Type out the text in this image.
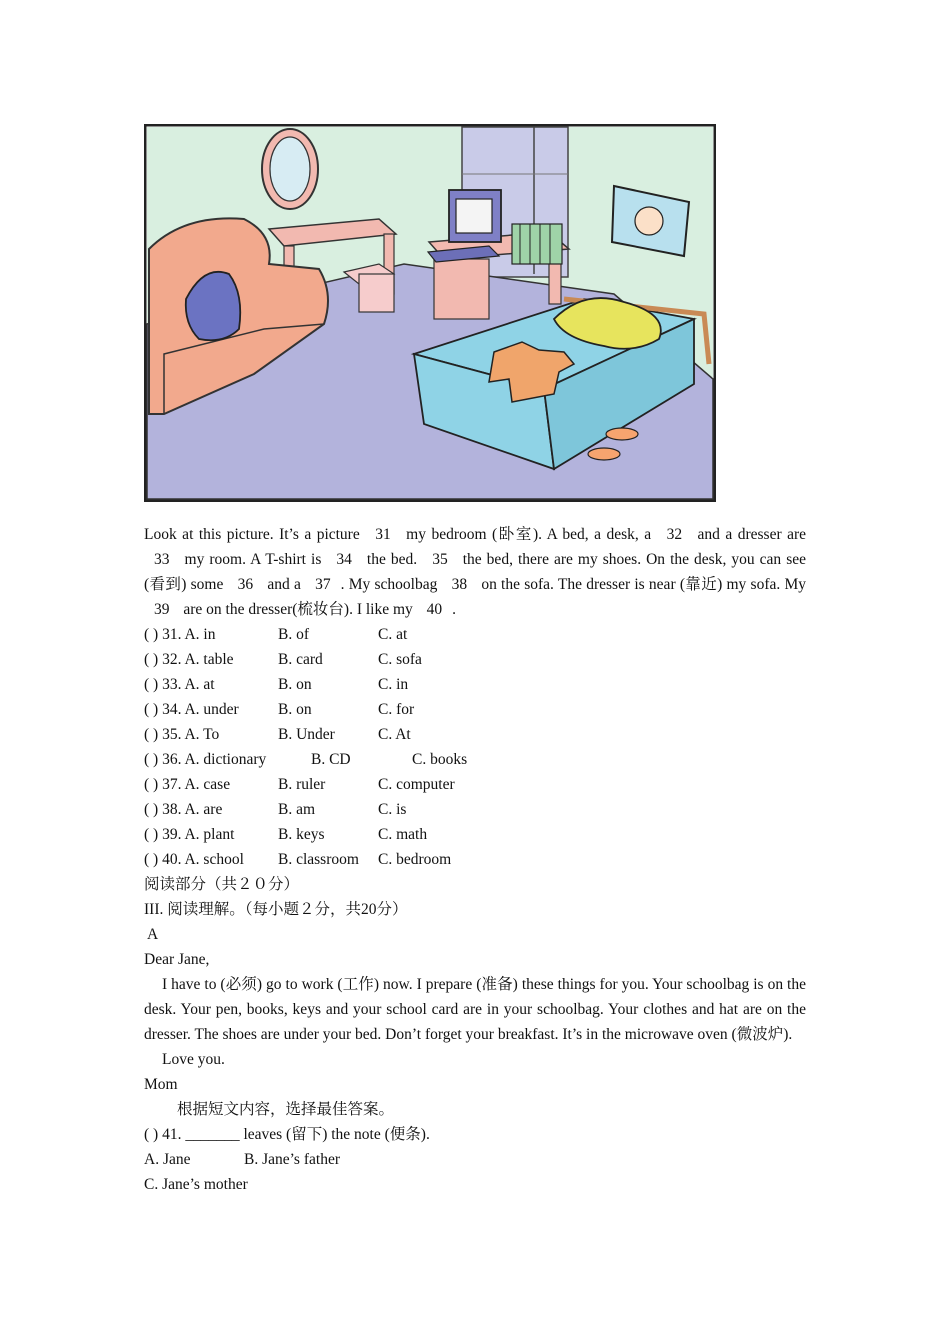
Look at this picture. It’s a picture 31 my bedroom (卧室). A bed, a desk, a 32 and a dresser are 33 my room. A T-shirt is 34 the bed. 35 the bed, there are my shoes. On the desk, you can see (看到) some 36 and a 37 . My schoolbag 38 on the sofa. The dresser is near (靠近) my sofa. My 39 are on the dresser(梳妆台). I like my 40 .
( ) 31. A. in	B. of	C. at
( ) 32. A. table	B. card	C. sofa
( ) 33. A. at	B. on	C. in
( ) 34. A. under	B. on	C. for
( ) 35. A. To	B. Under	C. At
( ) 36. A. dictionary	B. CD	C. books
( ) 37. A. case	B. ruler	C. computer
( ) 38. A. are	B. am	C. is
( ) 39. A. plant	B. keys	C. math
( ) 40. A. school B. classroom C. bedroom
阅读部分（共２０分）
III. 阅读理解。（每小题２分，共20分）
A
Dear Jane,
I have to (必须) go to work (工作) now. I prepare (准备) these things for you. Your schoolbag is on the desk. Your pen, books, keys and your school card are in your schoolbag. Your clothes and hat are on the dresser. The shoes are under your bed. Don’t forget your breakfast. It’s in the microwave oven (微波炉).
Love you.
Mom
根据短文内容，选择最佳答案。
( ) 41. _______ leaves (留下) the note (便条).
A. Jane	B. Jane’s father
C. Jane’s mother
